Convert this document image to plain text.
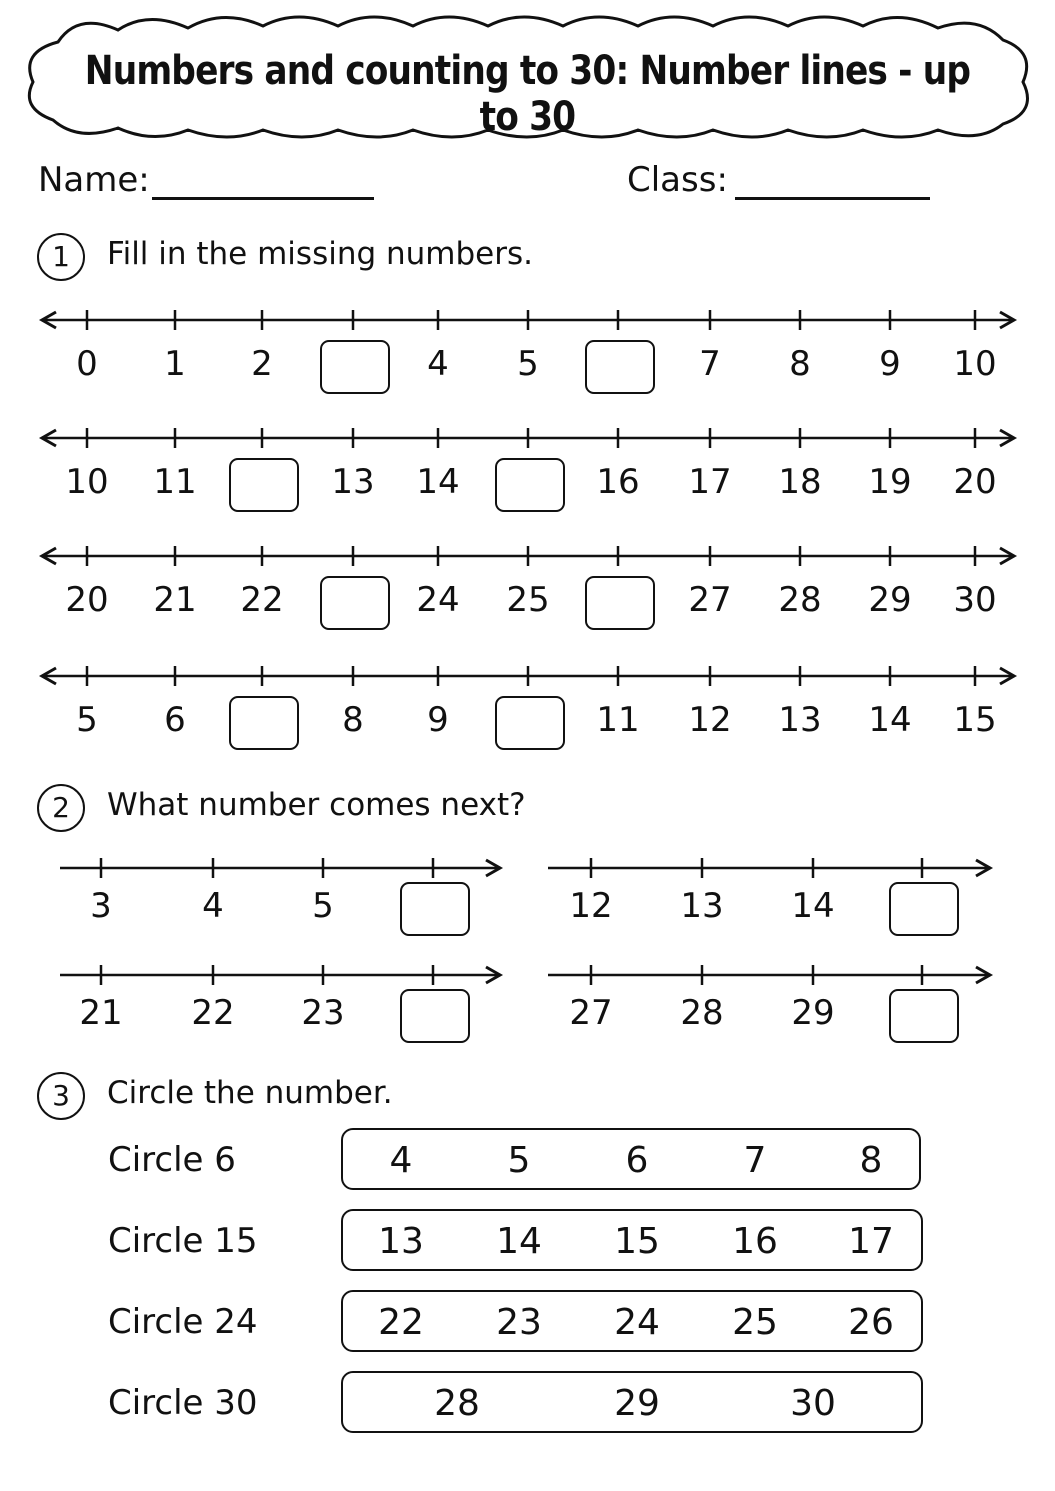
Numbers and counting to 30: Number lines - up to 30
Name:	Class:
1	Fill in the missing numbers.
2	What number comes next?
3	Circle the number.
0	1	2	4	5	7	8	9	10
10	11	13	14	16	17	18	19	20
20	21	22	24	25	27	28	29	30
5	6	8	9	11	12	13	14	15
3	4	5	12	13	14
21	22	23	27	28	29
Circle 6	4	5	6	7	8
Circle 15	13	14	15	16	17
Circle 24	22	23	24	25	26
Circle 30	28	29	30
